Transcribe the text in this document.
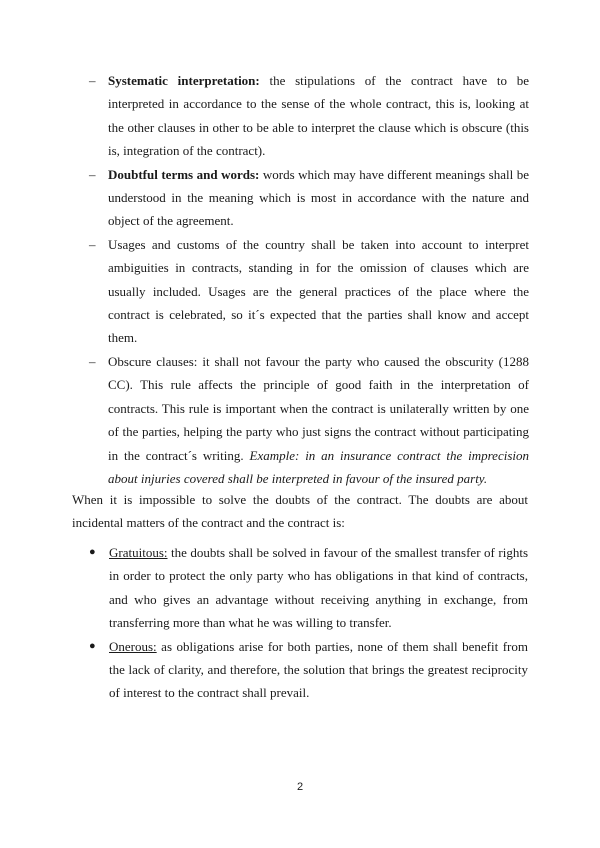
– Systematic interpretation: the stipulations of the contract have to be interpreted in accordance to the sense of the whole contract, this is, looking at the other clauses in other to be able to interpret the clause which is obscure (this is, integration of the contract).
– Doubtful terms and words: words which may have different meanings shall be understood in the meaning which is most in accordance with the nature and object of the agreement.
– Usages and customs of the country shall be taken into account to interpret ambiguities in contracts, standing in for the omission of clauses which are usually included. Usages are the general practices of the place where the contract is celebrated, so it´s expected that the parties shall know and accept them.
– Obscure clauses: it shall not favour the party who caused the obscurity (1288 CC). This rule affects the principle of good faith in the interpretation of contracts. This rule is important when the contract is unilaterally written by one of the parties, helping the party who just signs the contract without participating in the contract´s writing. Example: in an insurance contract the imprecision about injuries covered shall be interpreted in favour of the insured party.

When it is impossible to solve the doubts of the contract. The doubts are about incidental matters of the contract and the contract is:

● Gratuitous: the doubts shall be solved in favour of the smallest transfer of rights in order to protect the only party who has obligations in that kind of contracts, and who gives an advantage without receiving anything in exchange, from transferring more than what he was willing to transfer.
● Onerous: as obligations arise for both parties, none of them shall benefit from the lack of clarity, and therefore, the solution that brings the greatest reciprocity of interest to the contract shall prevail.
2
